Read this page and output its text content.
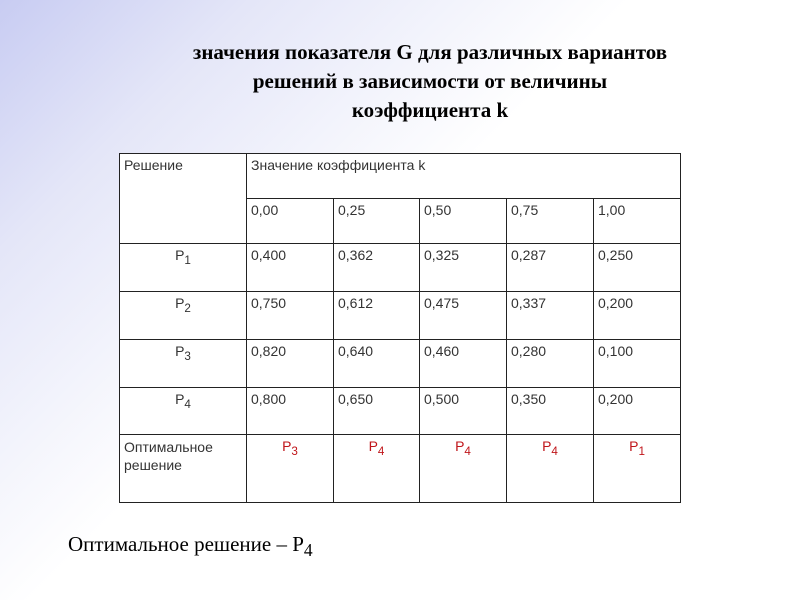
значения показателя G для различных вариантов
решений в зависимости от величины
коэффициента k
Решение	Значение коэффициента k				
	0,00	0,25	0,50	0,75	1,00
$P_1$	0,400	0,362	0,325	0,287	0,250
$P_2$	0,750	0,612	0,475	0,337	0,200
$P_3$	0,820	0,640	0,460	0,280	0,100
$P_4$	0,800	0,650	0,500	0,350	0,200
Оптимальное решение	$P_3$	$P_4$	$P_4$	$P_4$	$P_1$
Оптимальное решение – $P_4$
